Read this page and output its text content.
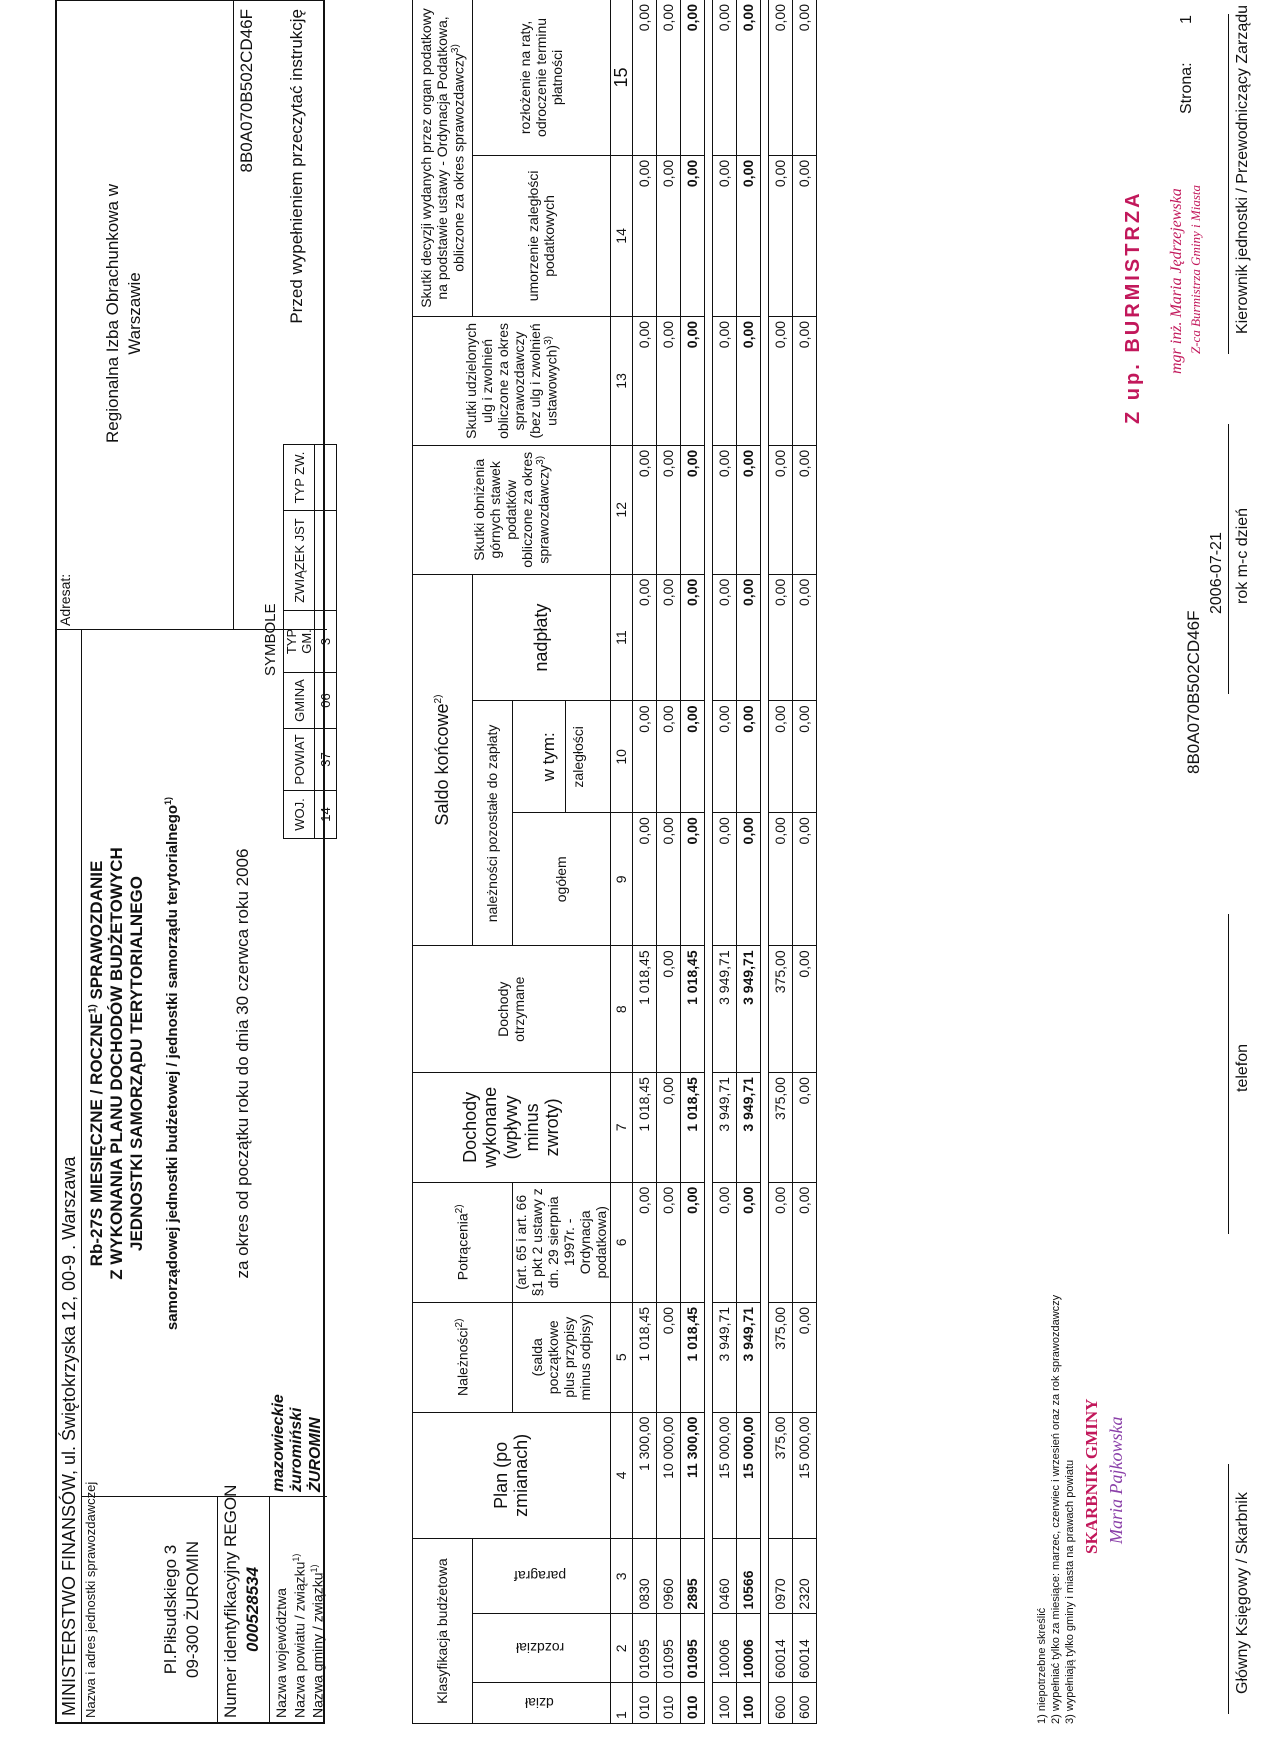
MINISTERSTWO FINANSÓW, ul. Świętokrzyska 12, 00-9 . Warszawa Nazwa i adres jednostki sprawozdawczej	Pl.Piłsudskiego 3 09-300 ŻUROMIN Numer identyfikacyjny REGON 000528534 Nazwa województwa
mazowieckie
Nazwa powiatu / związku$^{1)}$
żuromiński
Nazwa gminy / związku$^{1)}$
ŻUROMIN
Rb-27S MIESIĘCZNE / ROCZNE$^{1)}$ SPRAWOZDANIE Z WYKONANIA PLANU DOCHODÓW BUDŻETOWYCH JEDNOSTKI SAMORZĄDU TERYTORIALNEGO samorządowej jednostki budżetowej / jednostki samorządu terytorialnego$^{1)}$
za okres od początku roku do dnia 30 czerwca roku 2006
Adresat:
Regionalna Izba Obrachunkowa w Warszawie
8B0A070B502CD46F Przed wypełnieniem przeczytać instrukcję
SYMBOLE
WOJ.	POWIAT	GMINA	TYP GM.	ZWIĄZEK JST	TYP ZW.
14	37	06	3		
Klasyfikacja budżetowa			Plan (po zmianach)	Należności$^{2)}$	Potrącenia$^{2)}$	Dochody wykonane (wpływy minus zwroty)	Dochody otrzymane	Saldo końcowe$^{2)}$			Skutki obniżenia górnych stawek podatków obliczone za okres sprawozdawczy$^{3)}$	Skutki udzielonych ulg i zwolnień obliczone za okres sprawozdawczy (bez ulg i zwolnień ustawowych)$^{3)}$	Skutki decyzji wydanych przez organ podatkowy na podstawie ustawy - Ordynacja Podatkowa, obliczone za okres sprawozdawczy$^{3)}$
dział	rozdział	paragraf						należności pozostałe do zapłaty		nadpłaty			umorzenie zaległości podatkowych	rozłożenie na raty, odroczenie terminu płatności
				(salda początkowe plus przypisy minus odpisy)	(art. 65 i art. 66 §1 pkt 2 ustawy z dn. 29 sierpnia 1997r. - Ordynacja podatkowa)			ogółem	w tym: zaległości					

1	2	3	4	5	6	7	8	9	10	11	12	13	14	15
010	01095	0830	1 300,00	1 018,45	0,00	1 018,45	1 018,45	0,00	0,00	0,00	0,00	0,00	0,00	0,00
010	01095	0960	10 000,00	0,00	0,00	0,00	0,00	0,00	0,00	0,00	0,00	0,00	0,00	0,00
010	01095	2895	11 300,00	1 018,45	0,00	1 018,45	1 018,45	0,00	0,00	0,00	0,00	0,00	0,00	0,00

100	10006	0460	15 000,00	3 949,71	0,00	3 949,71	3 949,71	0,00	0,00	0,00	0,00	0,00	0,00	0,00
100	10006	10566	15 000,00	3 949,71	0,00	3 949,71	3 949,71	0,00	0,00	0,00	0,00	0,00	0,00	0,00

600	60014	0970	375,00	375,00	0,00	375,00	375,00	0,00	0,00	0,00	0,00	0,00	0,00	0,00
600	60014	2320	15 000,00	0,00	0,00	0,00	0,00	0,00	0,00	0,00	0,00	0,00	0,00	0,00
1) niepotrzebne skreślić 2) wypełniać tylko za miesiące: marzec, czerwiec i wrzesień oraz za rok sprawozdawczy 3) wypełniają tylko gminy i miasta na prawach powiatu SKARBNIK GMINY Maria Pajkowska
Główny Księgowy / Skarbnik
telefon
8B0A070B502CD46F
2006-07-21 rok m-c dzień
Z up. BURMISTRZA mgr inż. Maria Jędrzejewska Z-ca Burmistrza Gminy i Miasta Kierownik jednostki / Przewodniczący Zarządu
Strona:
1
